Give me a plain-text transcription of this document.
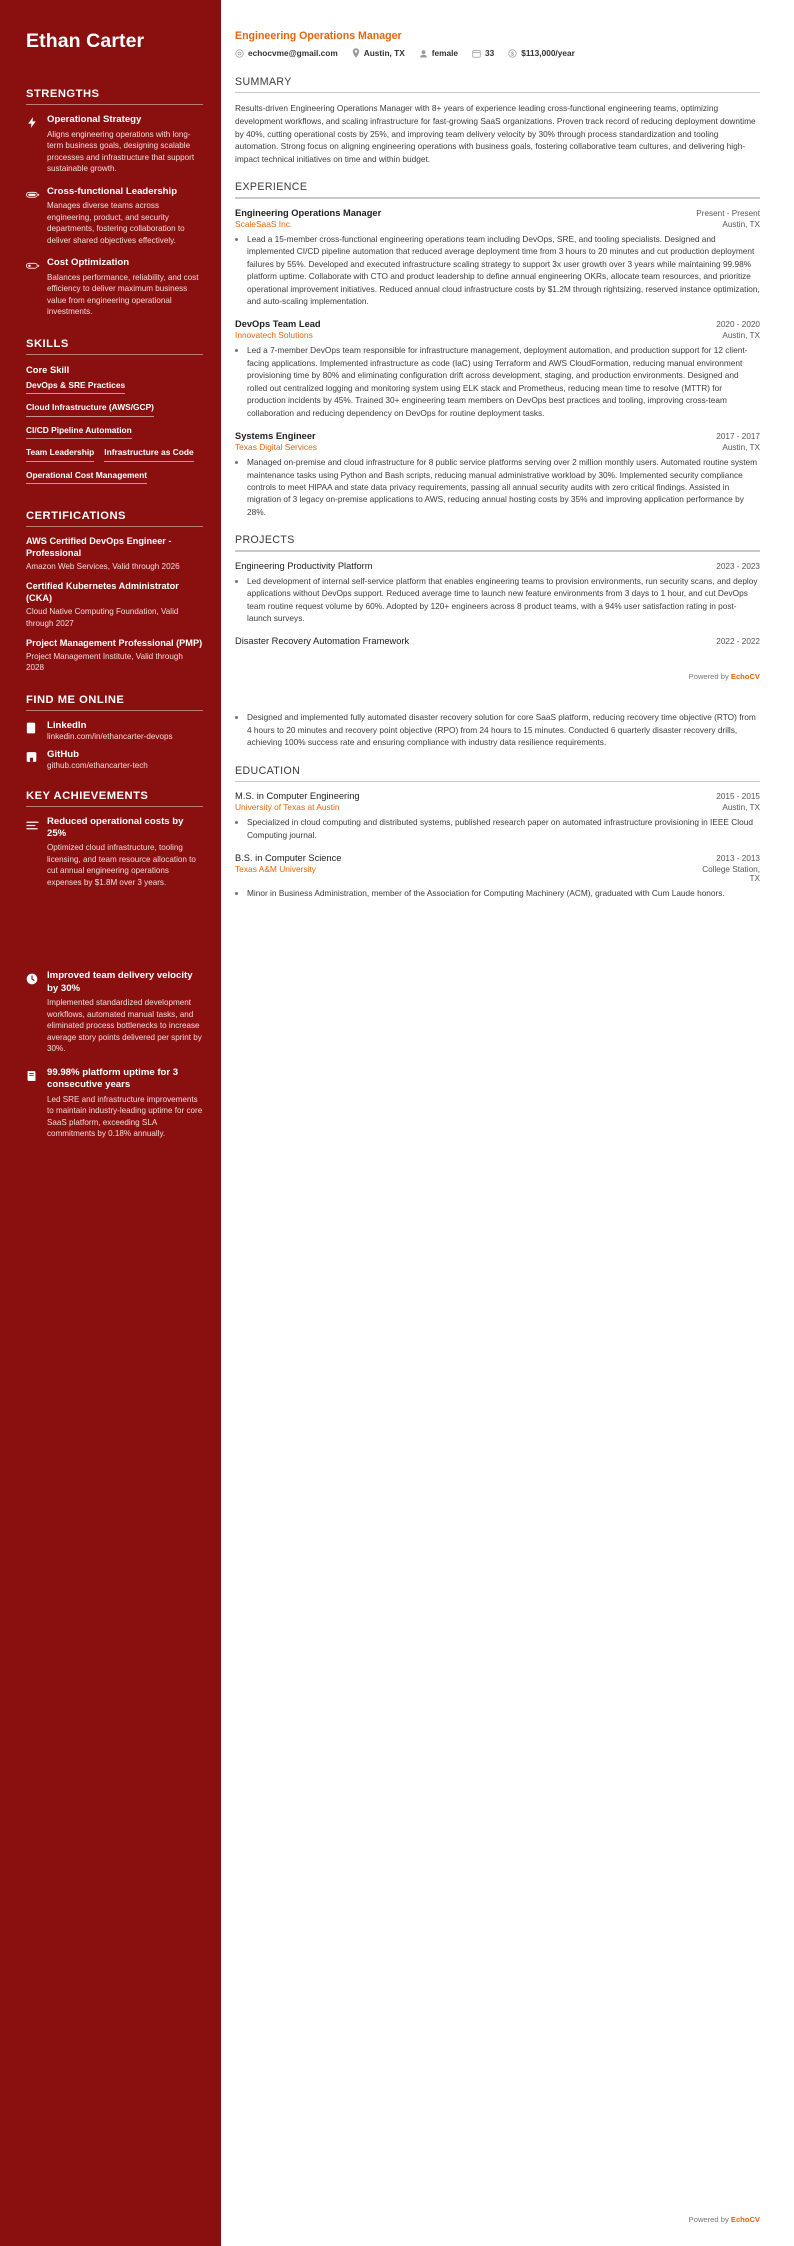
Ethan Carter
STRENGTHS
Operational Strategy
Aligns engineering operations with long-term business goals, designing scalable processes and infrastructure that support sustainable growth.
Cross-functional Leadership
Manages diverse teams across engineering, product, and security departments, fostering collaboration to deliver shared objectives effectively.
Cost Optimization
Balances performance, reliability, and cost efficiency to deliver maximum business value from engineering operational investments.
SKILLS
Core Skill
DevOps & SRE Practices
Cloud Infrastructure (AWS/GCP)
CI/CD Pipeline Automation
Team Leadership Infrastructure as Code
Operational Cost Management
CERTIFICATIONS
AWS Certified DevOps Engineer - Professional
Amazon Web Services, Valid through 2026
Certified Kubernetes Administrator (CKA)
Cloud Native Computing Foundation, Valid through 2027
Project Management Professional (PMP)
Project Management Institute, Valid through 2028
FIND ME ONLINE
LinkedIn
linkedin.com/in/ethancarter-devops
GitHub
github.com/ethancarter-tech
KEY ACHIEVEMENTS
Reduced operational costs by 25%
Optimized cloud infrastructure, tooling licensing, and team resource allocation to cut annual engineering operations expenses by $1.8M over 3 years.
Improved team delivery velocity by 30%
Implemented standardized development workflows, automated manual tasks, and eliminated process bottlenecks to increase average story points delivered per sprint by 30%.
99.98% platform uptime for 3 consecutive years
Led SRE and infrastructure improvements to maintain industry-leading uptime for core SaaS platform, exceeding SLA commitments by 0.18% annually.
Engineering Operations Manager
echocvme@gmail.com	Austin, TX	female	33 $ $113,000/year
SUMMARY

Results-driven Engineering Operations Manager with 8+ years of experience leading cross-functional engineering teams, optimizing development workflows, and scaling infrastructure for fast-growing SaaS organizations. Proven track record of reducing deployment downtime by 40%, cutting operational costs by 25%, and improving team delivery velocity by 30% through process standardization and tooling automation. Strong focus on aligning engineering operations with business goals, fostering collaborative team cultures, and delivering high-impact technical initiatives on time and within budget.

EXPERIENCE
Engineering Operations Manager	Present - Present
ScaleSaaS Inc.	Austin, TX
• Lead a 15-member cross-functional engineering operations team including DevOps, SRE, and tooling specialists. Designed and implemented CI/CD pipeline automation that reduced average deployment time from 3 hours to 20 minutes and cut production deployment failures by 55%. Developed and executed infrastructure scaling strategy to support 3x user growth over 3 years while maintaining 99.98% platform uptime. Collaborate with CTO and product leadership to define annual engineering OKRs, allocate team resources, and prioritize operational improvement initiatives. Reduced annual cloud infrastructure costs by $1.2M through rightsizing, reserved instance optimization, and auto-scaling implementation.
DevOps Team Lead	2020 - 2020
Innovatech Solutions	Austin, TX
• Led a 7-member DevOps team responsible for infrastructure management, deployment automation, and production support for 12 client-facing applications. Implemented infrastructure as code (IaC) using Terraform and AWS CloudFormation, reducing manual environment provisioning time by 80% and eliminating configuration drift across development, staging, and production environments. Designed and rolled out centralized logging and monitoring system using ELK stack and Prometheus, reducing mean time to resolve (MTTR) for production incidents by 45%. Trained 30+ engineering team members on DevOps best practices and tooling, improving cross-team collaboration and reducing dependency on DevOps for routine deployment tasks.
Systems Engineer	2017 - 2017
Texas Digital Services	Austin, TX
• Managed on-premise and cloud infrastructure for 8 public service platforms serving over 2 million monthly users. Automated routine system maintenance tasks using Python and Bash scripts, reducing manual administrative workload by 30%. Implemented security compliance controls to meet HIPAA and state data privacy requirements, passing all annual security audits with zero critical findings. Assisted in migration of 3 legacy on-premise applications to AWS, reducing annual hosting costs by 35% and improving application performance by 28%.
PROJECTS
Engineering Productivity Platform	2023 - 2023
• Led development of internal self-service platform that enables engineering teams to provision environments, run security scans, and deploy applications without DevOps support. Reduced average time to launch new feature environments from 3 days to 1 hour, and cut DevOps team routine request volume by 60%. Adopted by 120+ engineers across 8 product teams, with a 94% user satisfaction rating in post-launch surveys.
Disaster Recovery Automation Framework	2022 - 2022
Powered by EchoCV
• Designed and implemented fully automated disaster recovery solution for core SaaS platform, reducing recovery time objective (RTO) from 4 hours to 20 minutes and recovery point objective (RPO) from 24 hours to 15 minutes. Conducted 6 quarterly disaster recovery drills, achieving 100% success rate and ensuring compliance with industry data resilience requirements.
EDUCATION
M.S. in Computer Engineering	2015 - 2015
University of Texas at Austin	Austin, TX
• Specialized in cloud computing and distributed systems, published research paper on automated infrastructure provisioning in IEEE Cloud Computing journal.
B.S. in Computer Science	2013 - 2013
Texas A&M University	College Station, TX
• Minor in Business Administration, member of the Association for Computing Machinery (ACM), graduated with Cum Laude honors.
Powered by EchoCV
